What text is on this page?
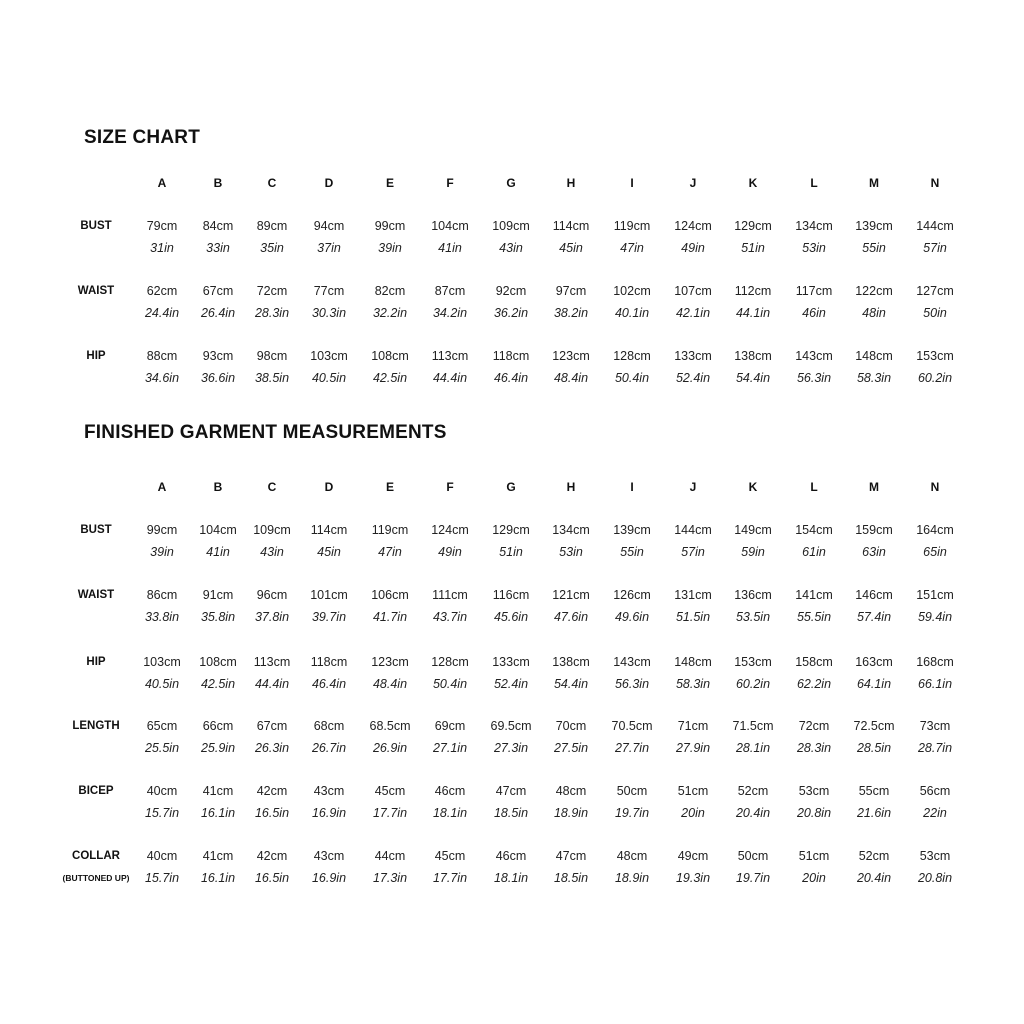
SIZE CHART
A	B	C	D	E	F	G	H	I	J	K	L	M	N
BUST	79cm	84cm	89cm	94cm	99cm	104cm	109cm	114cm	119cm	124cm	129cm	134cm	139cm	144cm
31in	33in	35in	37in	39in	41in	43in	45in	47in	49in	51in	53in	55in	57in
WAIST	62cm	67cm	72cm	77cm	82cm	87cm	92cm	97cm	102cm	107cm	112cm	117cm	122cm	127cm
24.4in	26.4in	28.3in	30.3in	32.2in	34.2in	36.2in	38.2in	40.1in	42.1in	44.1in	46in	48in	50in
HIP	88cm	93cm	98cm	103cm	108cm	113cm	118cm	123cm	128cm	133cm	138cm	143cm	148cm	153cm
34.6in	36.6in	38.5in	40.5in	42.5in	44.4in	46.4in	48.4in	50.4in	52.4in	54.4in	56.3in	58.3in	60.2in
FINISHED GARMENT MEASUREMENTS
A	B	C	D	E	F	G	H	I	J	K	L	M	N
BUST	99cm	104cm	109cm	114cm	119cm	124cm	129cm	134cm	139cm	144cm	149cm	154cm	159cm	164cm
39in	41in	43in	45in	47in	49in	51in	53in	55in	57in	59in	61in	63in	65in
WAIST	86cm	91cm	96cm	101cm	106cm	111cm	116cm	121cm	126cm	131cm	136cm	141cm	146cm	151cm
33.8in	35.8in	37.8in	39.7in	41.7in	43.7in	45.6in	47.6in	49.6in	51.5in	53.5in	55.5in	57.4in	59.4in
HIP	103cm	108cm	113cm	118cm	123cm	128cm	133cm	138cm	143cm	148cm	153cm	158cm	163cm	168cm
40.5in	42.5in	44.4in	46.4in	48.4in	50.4in	52.4in	54.4in	56.3in	58.3in	60.2in	62.2in	64.1in	66.1in
LENGTH	65cm	66cm	67cm	68cm	68.5cm	69cm	69.5cm	70cm	70.5cm	71cm	71.5cm	72cm	72.5cm	73cm
25.5in	25.9in	26.3in	26.7in	26.9in	27.1in	27.3in	27.5in	27.7in	27.9in	28.1in	28.3in	28.5in	28.7in
BICEP	40cm	41cm	42cm	43cm	45cm	46cm	47cm	48cm	50cm	51cm	52cm	53cm	55cm	56cm
15.7in	16.1in	16.5in	16.9in	17.7in	18.1in	18.5in	18.9in	19.7in	20in	20.4in	20.8in	21.6in	22in
COLLAR
(BUTTONED UP)
40cm	41cm	42cm	43cm	44cm	45cm	46cm	47cm	48cm	49cm	50cm	51cm	52cm	53cm
15.7in	16.1in	16.5in	16.9in	17.3in	17.7in	18.1in	18.5in	18.9in	19.3in	19.7in	20in	20.4in	20.8in
